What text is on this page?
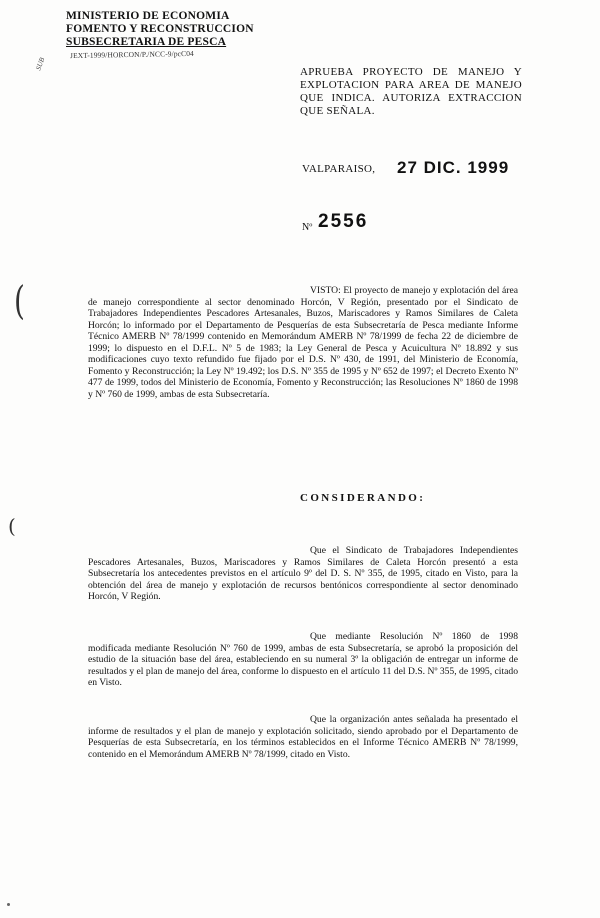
MINISTERIO DE ECONOMIA
FOMENTO Y RECONSTRUCCION
SUBSECRETARIA DE PESCA
JEXT-1999/HORCON/P./NCC-9/pcC04
SUB
APRUEBA PROYECTO DE MANEJO Y EXPLOTACION PARA AREA DE MANEJO QUE INDICA. AUTORIZA EXTRACCION QUE SEÑALA.
VALPARAISO, 27 DIC. 1999
Nº 2556
(
(
VISTO: El proyecto de manejo y explotación del área de manejo correspondiente al sector denominado Horcón, V Región, presentado por el Sindicato de Trabajadores Independientes Pescadores Artesanales, Buzos, Mariscadores y Ramos Similares de Caleta Horcón; lo informado por el Departamento de Pesquerías de esta Subsecretaría de Pesca mediante Informe Técnico AMERB Nº 78/1999 contenido en Memorándum AMERB Nº 78/1999 de fecha 22 de diciembre de 1999; lo dispuesto en el D.F.L. Nº 5 de 1983; la Ley General de Pesca y Acuicultura Nº 18.892 y sus modificaciones cuyo texto refundido fue fijado por el D.S. Nº 430, de 1991, del Ministerio de Economía, Fomento y Reconstrucción; la Ley Nº 19.492; los D.S. Nº 355 de 1995 y Nº 652 de 1997; el Decreto Exento Nº 477 de 1999, todos del Ministerio de Economía, Fomento y Reconstrucción; las Resoluciones Nº 1860 de 1998 y Nº 760 de 1999, ambas de esta Subsecretaría.
CONSIDERANDO:
Que el Sindicato de Trabajadores Independientes Pescadores Artesanales, Buzos, Mariscadores y Ramos Similares de Caleta Horcón presentó a esta Subsecretaría los antecedentes previstos en el artículo 9º del D. S. Nº 355, de 1995, citado en Visto, para la obtención del área de manejo y explotación de recursos bentónicos correspondiente al sector denominado Horcón, V Región.
Que mediante Resolución Nº 1860 de 1998 modificada mediante Resolución Nº 760 de 1999, ambas de esta Subsecretaría, se aprobó la proposición del estudio de la situación base del área, estableciendo en su numeral 3º la obligación de entregar un informe de resultados y el plan de manejo del área, conforme lo dispuesto en el artículo 11 del D.S. Nº 355, de 1995, citado en Visto.
Que la organización antes señalada ha presentado el informe de resultados y el plan de manejo y explotación solicitado, siendo aprobado por el Departamento de Pesquerías de esta Subsecretaría, en los términos establecidos en el Informe Técnico AMERB Nº 78/1999, contenido en el Memorándum AMERB Nº 78/1999, citado en Visto.
